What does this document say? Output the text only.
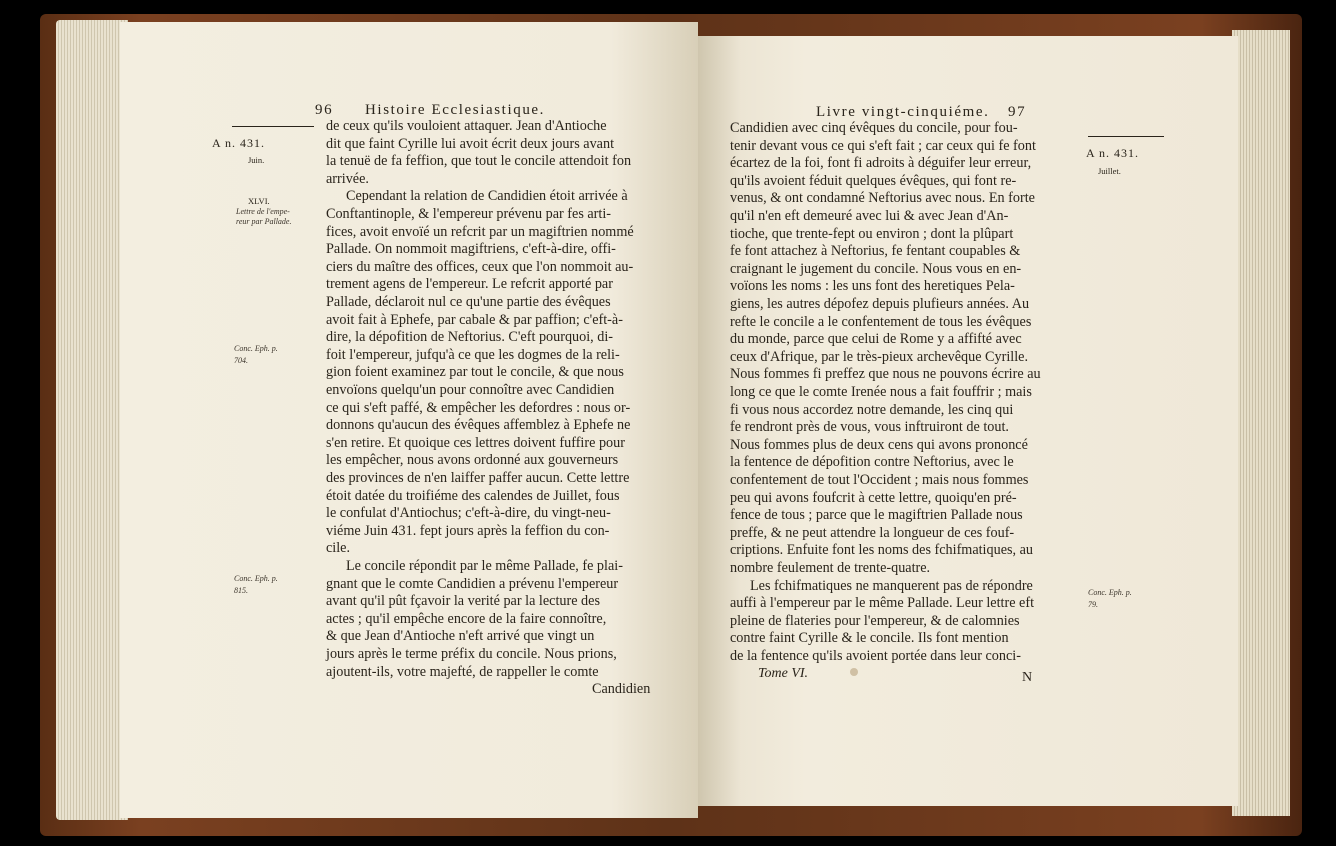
96 Histoire Ecclesiastique.
A n. 431.
Juin.
XLVI.
Lettre de l'empe-
reur par Pallade.
Conc. Eph. p.
704.
Conc. Eph. p.
815.
de ceux qu'ils vouloient attaquer. Jean d'Antioche
dit que faint Cyrille lui avoit écrit deux jours avant
la tenuë de fa feffion, que tout le concile attendoit fon
arrivée.
Cependant la relation de Candidien étoit arrivée à
Conftantinople, & l'empereur prévenu par fes arti-
fices, avoit envoïé un refcrit par un magiftrien nommé
Pallade. On nommoit magiftriens, c'eft-à-dire, offi-
ciers du maître des offices, ceux que l'on nommoit au-
trement agens de l'empereur. Le refcrit apporté par
Pallade, déclaroit nul ce qu'une partie des évêques
avoit fait à Ephefe, par cabale & par paffion; c'eft-à-
dire, la dépofition de Neftorius. C'eft pourquoi, di-
foit l'empereur, jufqu'à ce que les dogmes de la reli-
gion foient examinez par tout le concile, & que nous
envoïons quelqu'un pour connoître avec Candidien
ce qui s'eft paffé, & empêcher les defordres : nous or-
donnons qu'aucun des évêques affemblez à Ephefe ne
s'en retire. Et quoique ces lettres doivent fuffire pour
les empêcher, nous avons ordonné aux gouverneurs
des provinces de n'en laiffer paffer aucun. Cette lettre
étoit datée du troifiéme des calendes de Juillet, fous
le confulat d'Antiochus; c'eft-à-dire, du vingt-neu-
viéme Juin 431. fept jours après la feffion du con-
cile.
Le concile répondit par le même Pallade, fe plai-
gnant que le comte Candidien a prévenu l'empereur
avant qu'il pût fçavoir la verité par la lecture des
actes ; qu'il empêche encore de la faire connoître,
& que Jean d'Antioche n'eft arrivé que vingt un
jours après le terme préfix du concile. Nous prions,
ajoutent-ils, votre majefté, de rappeller le comte
Candidien
Livre vingt-cinquiéme. 97
A n. 431.
Juillet.
Conc. Eph. p.
79.
Candidien avec cinq évêques du concile, pour fou-
tenir devant vous ce qui s'eft fait ; car ceux qui fe font
écartez de la foi, font fi adroits à déguifer leur erreur,
qu'ils avoient féduit quelques évêques, qui font re-
venus, & ont condamné Neftorius avec nous. En forte
qu'il n'en eft demeuré avec lui & avec Jean d'An-
tioche, que trente-fept ou environ ; dont la plûpart
fe font attachez à Neftorius, fe fentant coupables &
craignant le jugement du concile. Nous vous en en-
voïons les noms : les uns font des heretiques Pela-
giens, les autres dépofez depuis plufieurs années. Au
refte le concile a le confentement de tous les évêques
du monde, parce que celui de Rome y a affifté avec
ceux d'Afrique, par le très-pieux archevêque Cyrille.
Nous fommes fi preffez que nous ne pouvons écrire au
long ce que le comte Irenée nous a fait fouffrir ; mais
fi vous nous accordez notre demande, les cinq qui
fe rendront près de vous, vous inftruiront de tout.
Nous fommes plus de deux cens qui avons prononcé
la fentence de dépofition contre Neftorius, avec le
confentement de tout l'Occident ; mais nous fommes
peu qui avons foufcrit à cette lettre, quoiqu'en pré-
fence de tous ; parce que le magiftrien Pallade nous
preffe, & ne peut attendre la longueur de ces fouf-
criptions. Enfuite font les noms des fchifmatiques, au
nombre feulement de trente-quatre.
Les fchifmatiques ne manquerent pas de répondre
auffi à l'empereur par le même Pallade. Leur lettre eft
pleine de flateries pour l'empereur, & de calomnies
contre faint Cyrille & le concile. Ils font mention
de la fentence qu'ils avoient portée dans leur conci-
Tome VI.	N
